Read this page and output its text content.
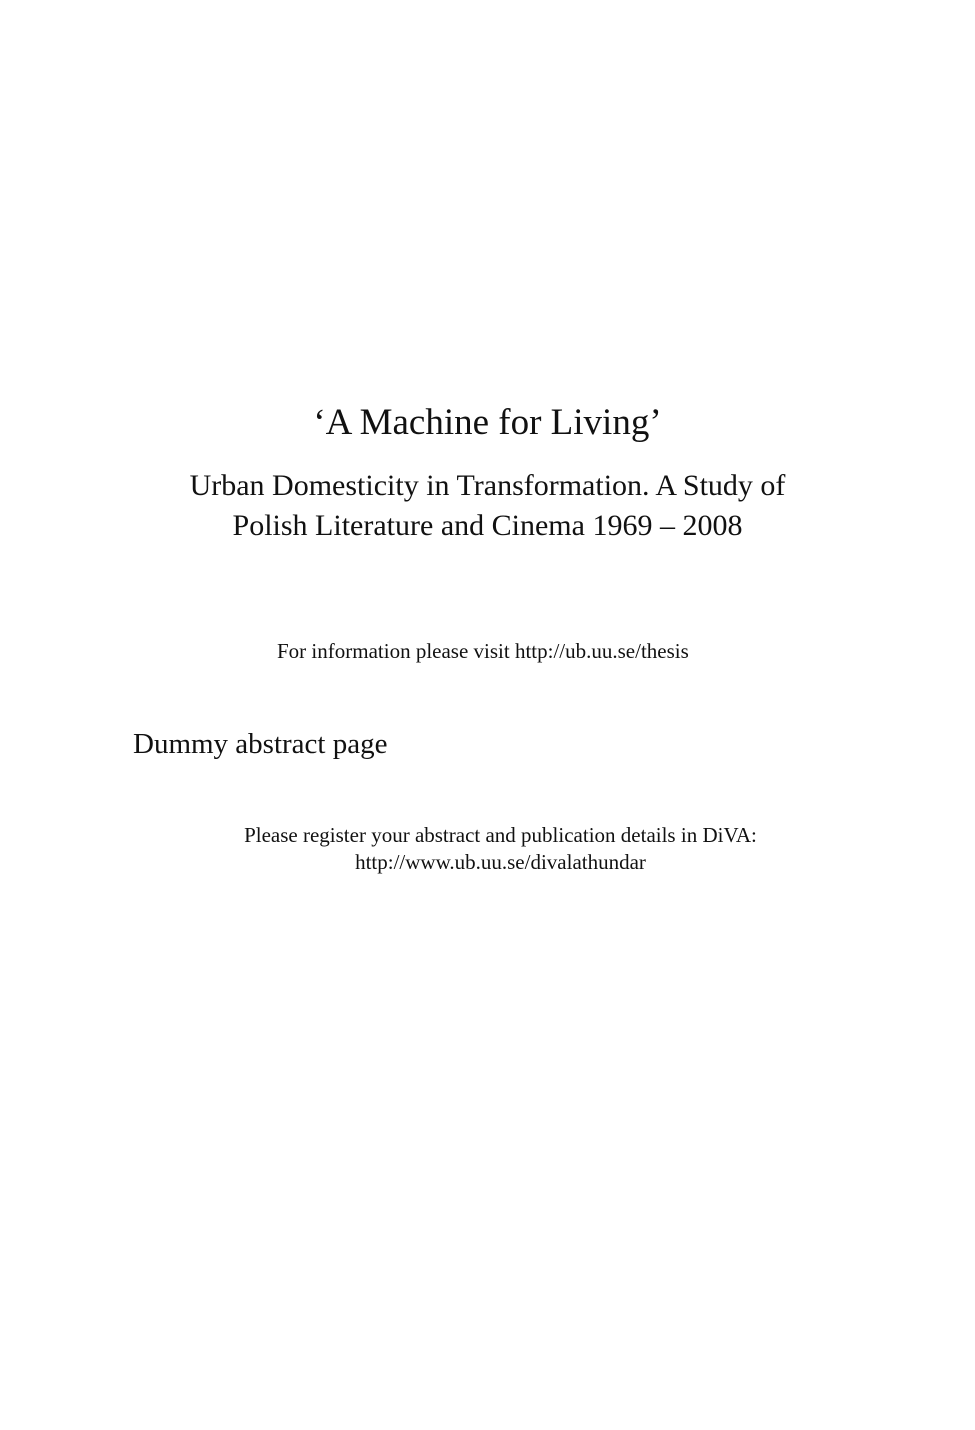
‘A Machine for Living’
Urban Domesticity in Transformation. A Study of
Polish Literature and Cinema 1969 – 2008
For information please visit http://ub.uu.se/thesis
Dummy abstract page
Please register your abstract and publication details in DiVA:
http://www.ub.uu.se/divalathundar
